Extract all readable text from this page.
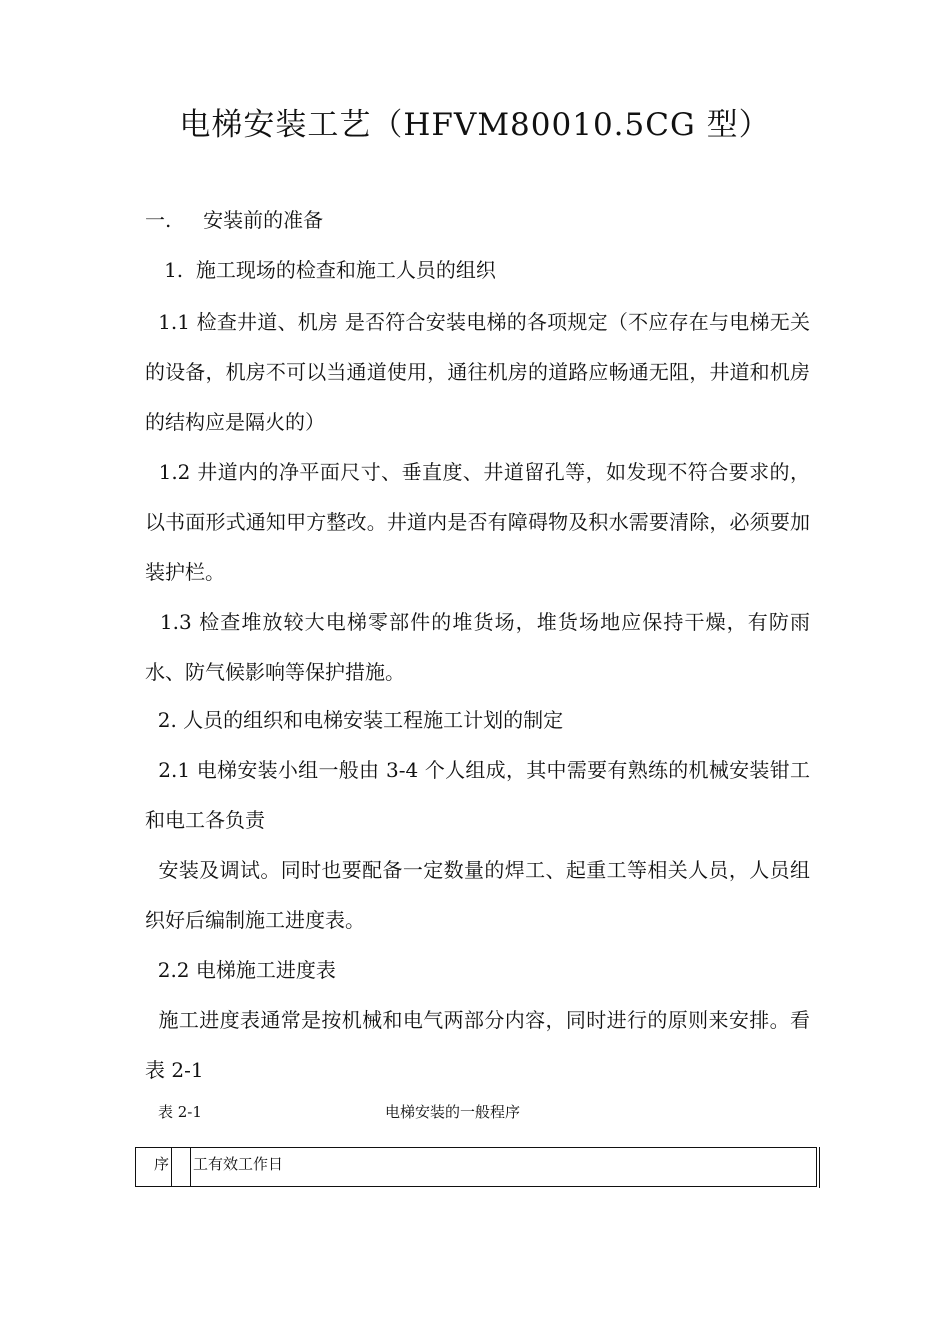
电梯安装工艺（HFVM80010.5CG 型）
一.     安装前的准备
1.  施工现场的检查和施工人员的组织
1.1 检查井道、机房 是否符合安装电梯的各项规定（不应存在与电梯无关的设备，机房不可以当通道使用，通往机房的道路应畅通无阻，井道和机房的结构应是隔火的）
1.2 井道内的净平面尺寸、垂直度、井道留孔等，如发现不符合要求的，以书面形式通知甲方整改。井道内是否有障碍物及积水需要清除，必须要加装护栏。
1.3 检查堆放较大电梯零部件的堆货场，堆货场地应保持干燥，有防雨水、防气候影响等保护措施。
2. 人员的组织和电梯安装工程施工计划的制定
2.1 电梯安装小组一般由 3-4 个人组成，其中需要有熟练的机械安装钳工和电工各负责
安装及调试。同时也要配备一定数量的焊工、起重工等相关人员，人员组织好后编制施工进度表。
2.2 电梯施工进度表
施工进度表通常是按机械和电气两部分内容，同时进行的原则来安排。看表 2-1
表 2-1	电梯安装的一般程序
序 工有效工作日
